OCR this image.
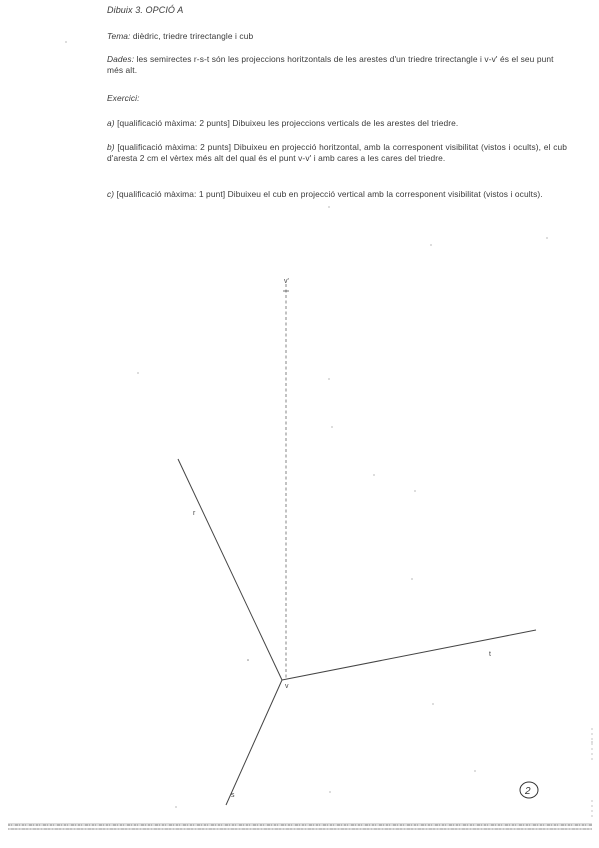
Dibuix 3. OPCIÓ A
Tema: dièdric, triedre trirectangle i cub
Dades: les semirectes r-s-t són les projeccions horitzontals de les arestes d'un triedre trirectangle i v-v' és el seu punt més alt.
Exercici:
a) [qualificació màxima: 2 punts] Dibuixeu les projeccions verticals de les arestes del triedre.
b) [qualificació màxima: 2 punts] Dibuixeu en projecció horitzontal, amb la corresponent visibilitat (vistos i ocults), el cub d'aresta 2 cm el vèrtex més alt del qual és el punt v-v' i amb cares a les cares del triedre.
c) [qualificació màxima: 1 punt] Dibuixeu el cub en projecció vertical amb la corresponent visibilitat (vistos i ocults).
v'
r
t
v
s	2
